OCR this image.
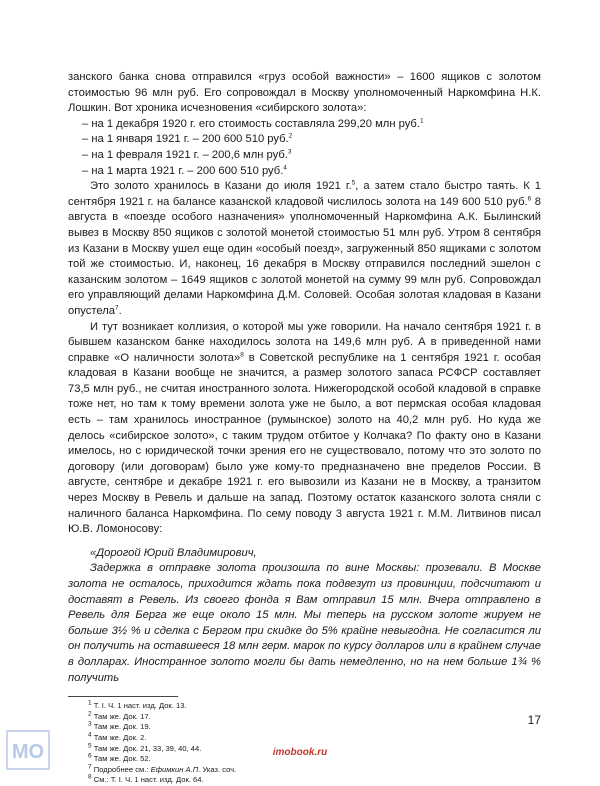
занского банка снова отправился «груз особой важности» – 1600 ящиков с золотом стоимостью 96 млн руб. Его сопровождал в Москву уполномоченный Наркомфина Н.К. Лошкин. Вот хроника исчезновения «сибирского золота»:

– на 1 декабря 1920 г. его стоимость составляла 299,20 млн руб.$^1$
– на 1 января 1921 г. – 200 600 510 руб.$^2$
– на 1 февраля 1921 г. – 200,6 млн руб.$^3$
– на 1 марта 1921 г. – 200 600 510 руб.$^4$

Это золото хранилось в Казани до июля 1921 г.$^5$, а затем стало быстро таять. К 1 сентября 1921 г. на балансе казанской кладовой числилось золота на 149 600 510 руб.$^6$ 8 августа в «поезде особого назначения» уполномоченный Наркомфина А.К. Былинский вывез в Москву 850 ящиков с золотой монетой стоимостью 51 млн руб. Утром 8 сентября из Казани в Москву ушел еще один «особый поезд», загруженный 850 ящиками с золотом той же стоимостью. И, наконец, 16 декабря в Москву отправился последний эшелон с казанским золотом – 1649 ящиков с золотой монетой на сумму 99 млн руб. Сопровождал его управляющий делами Наркомфина Д.М. Соловей. Особая золотая кладовая в Казани опустела$^7$.

И тут возникает коллизия, о которой мы уже говорили. На начало сентября 1921 г. в бывшем казанском банке находилось золота на 149,6 млн руб. А в приведенной нами справке «О наличности золота»$^8$ в Советской республике на 1 сентября 1921 г. особая кладовая в Казани вообще не значится, а размер золотого запаса РСФСР составляет 73,5 млн руб., не считая иностранного золота. Нижегородской особой кладовой в справке тоже нет, но там к тому времени золота уже не было, а вот пермская особая кладовая есть – там хранилось иностранное (румынское) золото на 40,2 млн руб. Но куда же делось «сибирское золото», с таким трудом отбитое у Колчака? По факту оно в Казани имелось, но с юридической точки зрения его не существовало, потому что это золото по договору (или договорам) было уже кому-то предназначено вне пределов России. В августе, сентябре и декабре 1921 г. его вывозили из Казани не в Москву, а транзитом через Москву в Ревель и дальше на запад. Поэтому остаток казанского золота сняли с наличного баланса Наркомфина. По сему поводу 3 августа 1921 г. М.М. Литвинов писал Ю.В. Ломоносову:

«Дорогой Юрий Владимирович,

Задержка в отправке золота произошла по вине Москвы: прозевали. В Москве золота не осталось, приходится ждать пока подвезут из провинции, подсчитают и доставят в Ревель. Из своего фонда я Вам отправил 15 млн. Вчера отправлено в Ревель для Берга же еще около 15 млн. Мы теперь на русском золоте жируем не больше 3½ % и сделка с Бергом при скидке до 5% крайне невыгодна. Не согласится ли он получить на оставшееся 18 млн герм. марок по курсу долларов или в крайнем случае в долларах. Иностранное золото могли бы дать немедленно, но на нем больше 1¾ % получить

$^1$ Т. I. Ч. 1 наст. изд. Док. 13.

$^2$ Там же. Док. 17.

$^3$ Там же. Док. 19.

$^4$ Там же. Док. 2.

$^5$ Там же. Док. 21, 33, 39, 40, 44.

$^6$ Там же. Док. 52.

$^7$ Подробнее см.: Ефимкин А.П. Указ. соч.

$^8$ См.: Т. I. Ч. 1 наст. изд. Док. 64.

17
MO	imobook.ru
